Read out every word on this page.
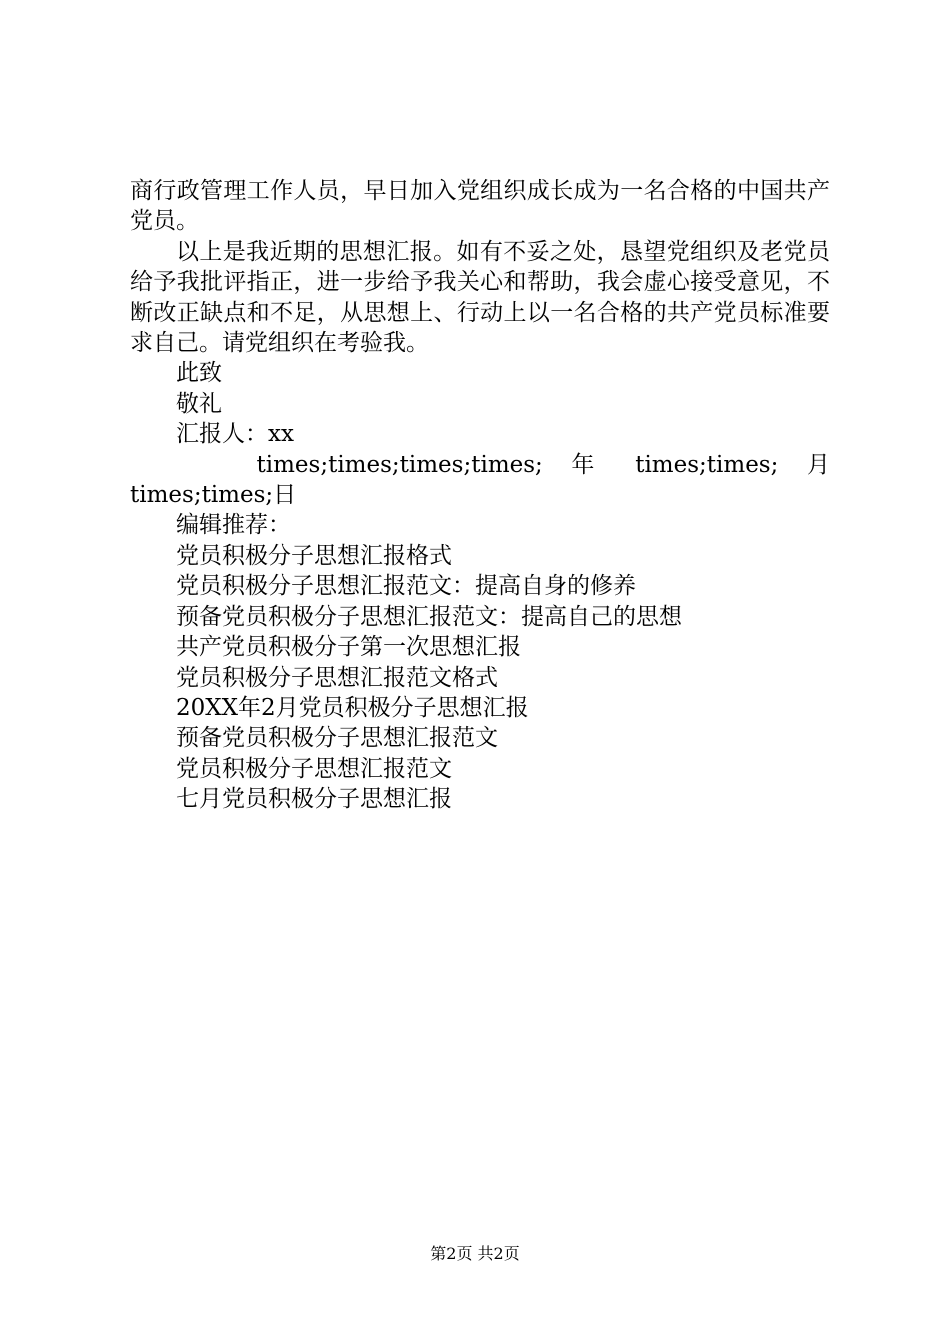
商行政管理工作人员，早日加入党组织成长成为一名合格的中国共产党员。

以上是我近期的思想汇报。如有不妥之处，恳望党组织及老党员给予我批评指正，进一步给予我关心和帮助，我会虚心接受意见，不断改正缺点和不足，从思想上、行动上以一名合格的共产党员标准要求自己。请党组织在考验我。

此致

敬礼

汇报人：xx

times;times;times;times; 年 times;times; 月 times;times;日

编辑推荐：

党员积极分子思想汇报格式
党员积极分子思想汇报范文：提高自身的修养
预备党员积极分子思想汇报范文：提高自己的思想
共产党员积极分子第一次思想汇报
党员积极分子思想汇报范文格式
20XX年2月党员积极分子思想汇报
预备党员积极分子思想汇报范文
党员积极分子思想汇报范文
七月党员积极分子思想汇报
第2页 共2页
